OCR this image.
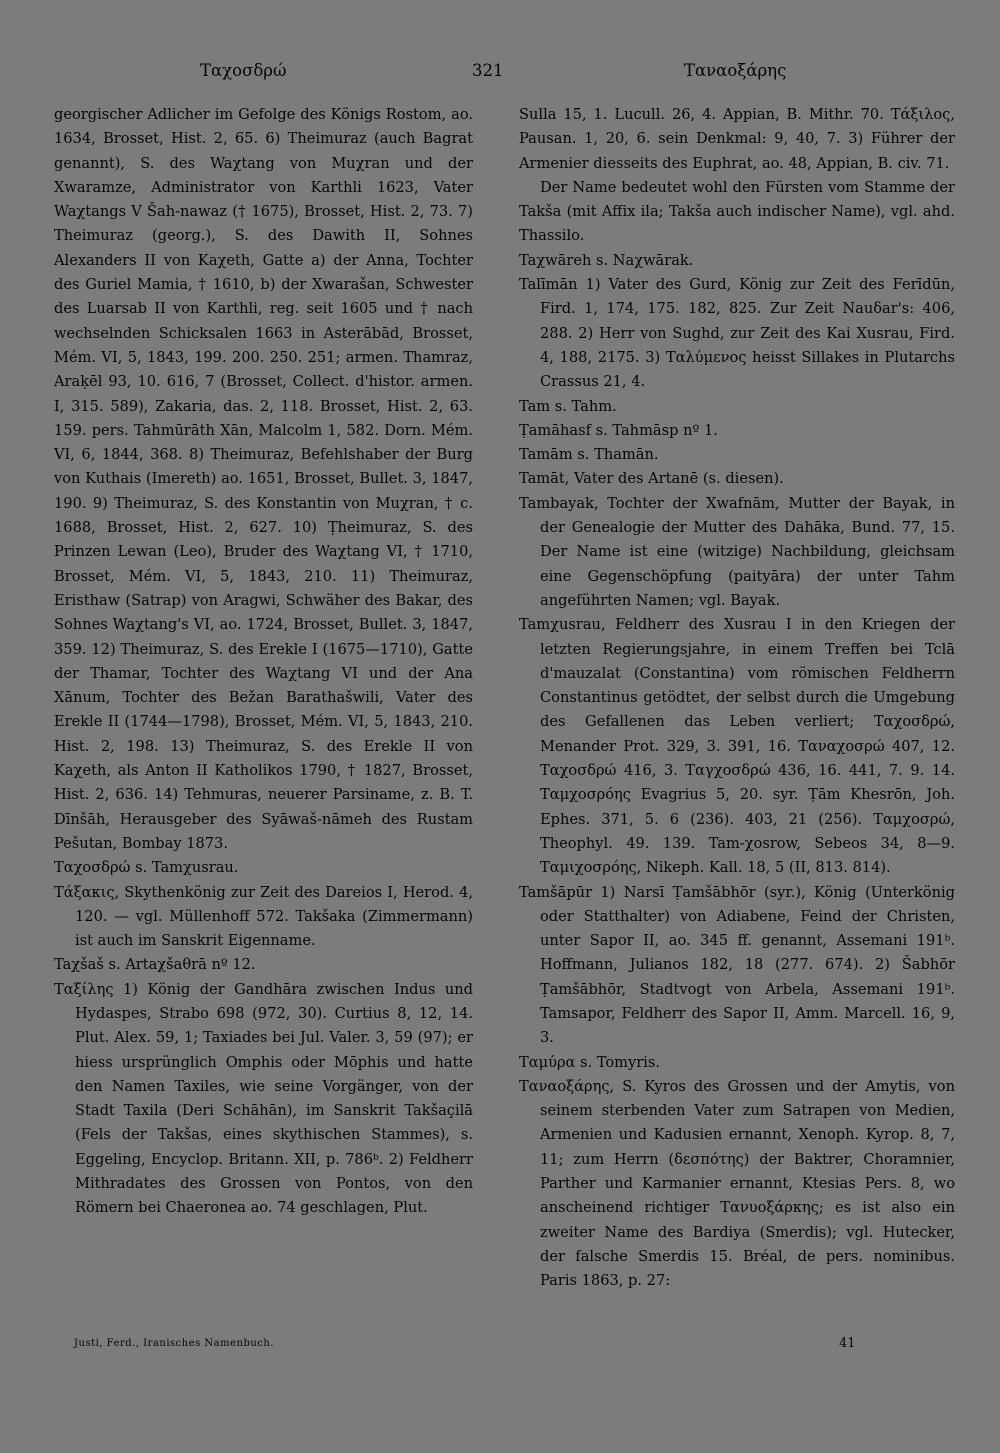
Ταχοσδρώ	321	Ταναοξάρης

georgischer Adlicher im Gefolge des Königs Rostom, ao. 1634, Brosset, Hist. 2, 65. 6) Theimuraz (auch Bagrat genannt), S. des Waχtang von Muχran und der Xwaramze, Administrator von Karthli 1623, Vater Waχtangs V Šah-nawaz († 1675), Brosset, Hist. 2, 73. 7) Theimuraz (georg.), S. des Dawith II, Sohnes Alexanders II von Kaχeth, Gatte a) der Anna, Tochter des Guriel Mamia, † 1610, b) der Xwarašan, Schwester des Luarsab II von Karthli, reg. seit 1605 und † nach wechselnden Schicksalen 1663 in Asterābād, Brosset, Mém. VI, 5, 1843, 199. 200. 250. 251; armen. Thamraz, Araḳēl 93, 10. 616, 7 (Brosset, Collect. d'histor. armen. I, 315. 589), Zakaria, das. 2, 118. Brosset, Hist. 2, 63. 159. pers. Tahmūrāth Xān, Malcolm 1, 582. Dorn. Mém. VI, 6, 1844, 368. 8) Theimuraz, Befehlshaber der Burg von Kuthais (Imereth) ao. 1651, Brosset, Bullet. 3, 1847, 190. 9) Theimuraz, S. des Konstantin von Muχran, † c. 1688, Brosset, Hist. 2, 627. 10) Ṭheimuraz, S. des Prinzen Lewan (Leo), Bruder des Waχtang VI, † 1710, Brosset, Mém. VI, 5, 1843, 210. 11) Theimuraz, Eristhaw (Satrap) von Aragwi, Schwäher des Bakar, des Sohnes Waχtang's VI, ao. 1724, Brosset, Bullet. 3, 1847, 359. 12) Theimuraz, S. des Erekle I (1675—1710), Gatte der Thamar, Tochter des Waχtang VI und der Ana Xānum, Tochter des Bežan Barathašwili, Vater des Erekle II (1744—1798), Brosset, Mém. VI, 5, 1843, 210. Hist. 2, 198. 13) Theimuraz, S. des Erekle II von Kaχeth, als Anton II Katholikos 1790, † 1827, Brosset, Hist. 2, 636. 14) Tehmuras, neuerer Parsiname, z. B. T. Dīnšāh, Herausgeber des Syāwaš-nāmeh des Rustam Pešutan, Bombay 1873.

Ταχοσδρώ s. Tamχusrau.

Τάξακις, Skythenkönig zur Zeit des Dareios I, Herod. 4, 120. — vgl. Müllenhoff 572. Takšaka (Zimmermann) ist auch im Sanskrit Eigenname.

Taχšaš s. Artaχšaθrā nº 12.

Ταξίλης 1) König der Gandhāra zwischen Indus und Hydaspes, Strabo 698 (972, 30). Curtius 8, 12, 14. Plut. Alex. 59, 1; Taxiades bei Jul. Valer. 3, 59 (97); er hiess ursprünglich Omphis oder Mōphis und hatte den Namen Taxiles, wie seine Vorgänger, von der Stadt Taxila (Deri Schāhān), im Sanskrit Takšaçilā (Fels der Takšas, eines skythischen Stammes), s. Eggeling, Encyclop. Britann. XII, p. 786ᵇ. 2) Feldherr Mithradates des Grossen von Pontos, von den Römern bei Chaeronea ao. 74 geschlagen, Plut.

Sulla 15, 1. Lucull. 26, 4. Appian, B. Mithr. 70. Τάξιλος, Pausan. 1, 20, 6. sein Denkmal: 9, 40, 7. 3) Führer der Armenier diesseits des Euphrat, ao. 48, Appian, B. civ. 71.

Der Name bedeutet wohl den Fürsten vom Stamme der Takša (mit Affix ila; Takša auch indischer Name), vgl. ahd. Thassilo.

Taχwāreh s. Naχwārak.

Talīmān 1) Vater des Gurd, König zur Zeit des Ferīdūn, Fird. 1, 174, 175. 182, 825. Zur Zeit Nauδar's: 406, 288. 2) Herr von Sughd, zur Zeit des Kai Xusrau, Fird. 4, 188, 2175. 3) Ταλύμενος heisst Sillakes in Plutarchs Crassus 21, 4.

Tam s. Tahm.

Ṭamāhasf s. Tahmāsp nº 1.

Tamām s. Thamān.

Tamāt, Vater des Artanē (s. diesen).

Tambayak, Tochter der Xwafnām, Mutter der Bayak, in der Genealogie der Mutter des Dahāka, Bund. 77, 15. Der Name ist eine (witzige) Nachbildung, gleichsam eine Gegenschöpfung (paityāra) der unter Tahm angeführten Namen; vgl. Bayak.

Tamχusrau, Feldherr des Xusrau I in den Kriegen der letzten Regierungsjahre, in einem Treffen bei Tclā d'mauzalat (Constantina) vom römischen Feldherrn Constantinus getödtet, der selbst durch die Umgebung des Gefallenen das Leben verliert; Ταχοσδρώ, Menander Prot. 329, 3. 391, 16. Ταναχοσρώ 407, 12. Ταχοσδρώ 416, 3. Ταγχοσδρώ 436, 16. 441, 7. 9. 14. Ταμχοσρόης Evagrius 5, 20. syr. Ṭām Khesrōn, Joh. Ephes. 371, 5. 6 (236). 403, 21 (256). Ταμχοσρώ, Theophyl. 49. 139. Tam-χosrow, Sebeos 34, 8—9. Ταμιχοσρόης, Nikeph. Kall. 18, 5 (II, 813. 814).

Tamšāpūr 1) Narsī Ṭamšābhōr (syr.), König (Unterkönig oder Statthalter) von Adiabene, Feind der Christen, unter Sapor II, ao. 345 ff. genannt, Assemani 191ᵇ. Hoffmann, Julianos 182, 18 (277. 674). 2) Šabhōr Ṭamšābhōr, Stadtvogt von Arbela, Assemani 191ᵇ. Tamsapor, Feldherr des Sapor II, Amm. Marcell. 16, 9, 3.

Ταμύρα s. Tomyris.

Ταναοξάρης, S. Kyros des Grossen und der Amytis, von seinem sterbenden Vater zum Satrapen von Medien, Armenien und Kadusien ernannt, Xenoph. Kyrop. 8, 7, 11; zum Herrn (δεσπότης) der Baktrer, Choramnier, Parther und Karmanier ernannt, Ktesias Pers. 8, wo anscheinend richtiger Τανυοξάρκης; es ist also ein zweiter Name des Bardiya (Smerdis); vgl. Hutecker, der falsche Smerdis 15. Bréal, de pers. nominibus. Paris 1863, p. 27:

Justi, Ferd., Iranisches Namenbuch.	41
